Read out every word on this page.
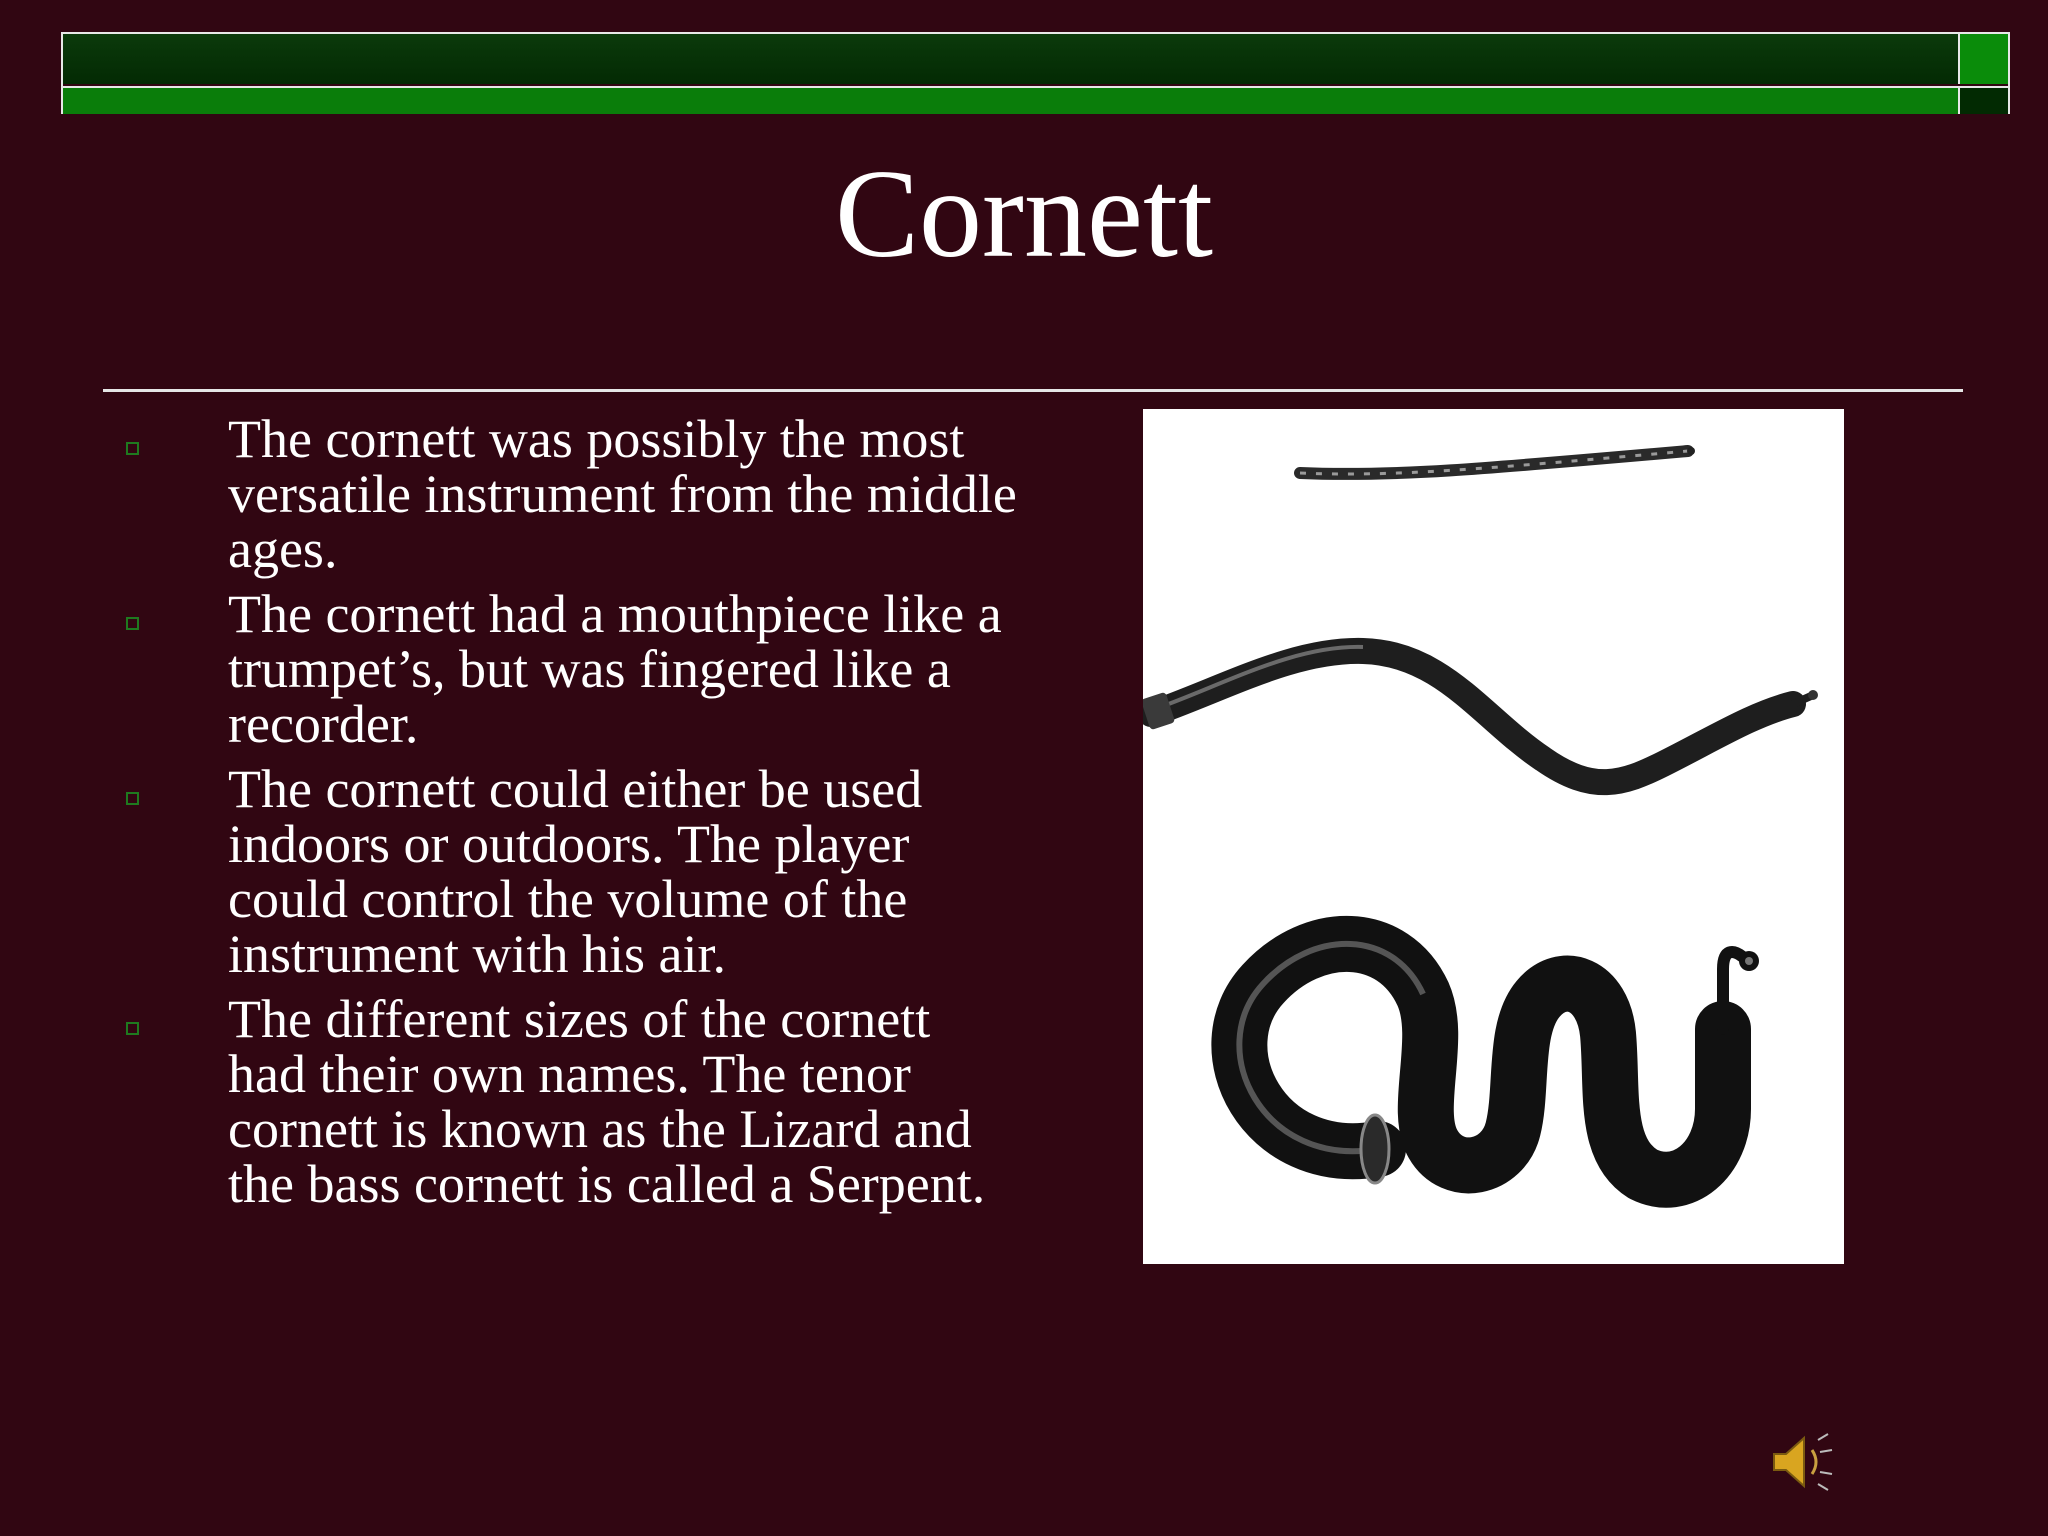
Cornett
The cornett was possibly the most versatile instrument from the middle ages.
The cornett had a mouthpiece like a trumpet’s, but was fingered like a recorder.
The cornett could either be used indoors or outdoors. The player could control the volume of the instrument with his air.
The different sizes of the cornett had their own names. The tenor cornett is known as the Lizard and the bass cornett is called a Serpent.
